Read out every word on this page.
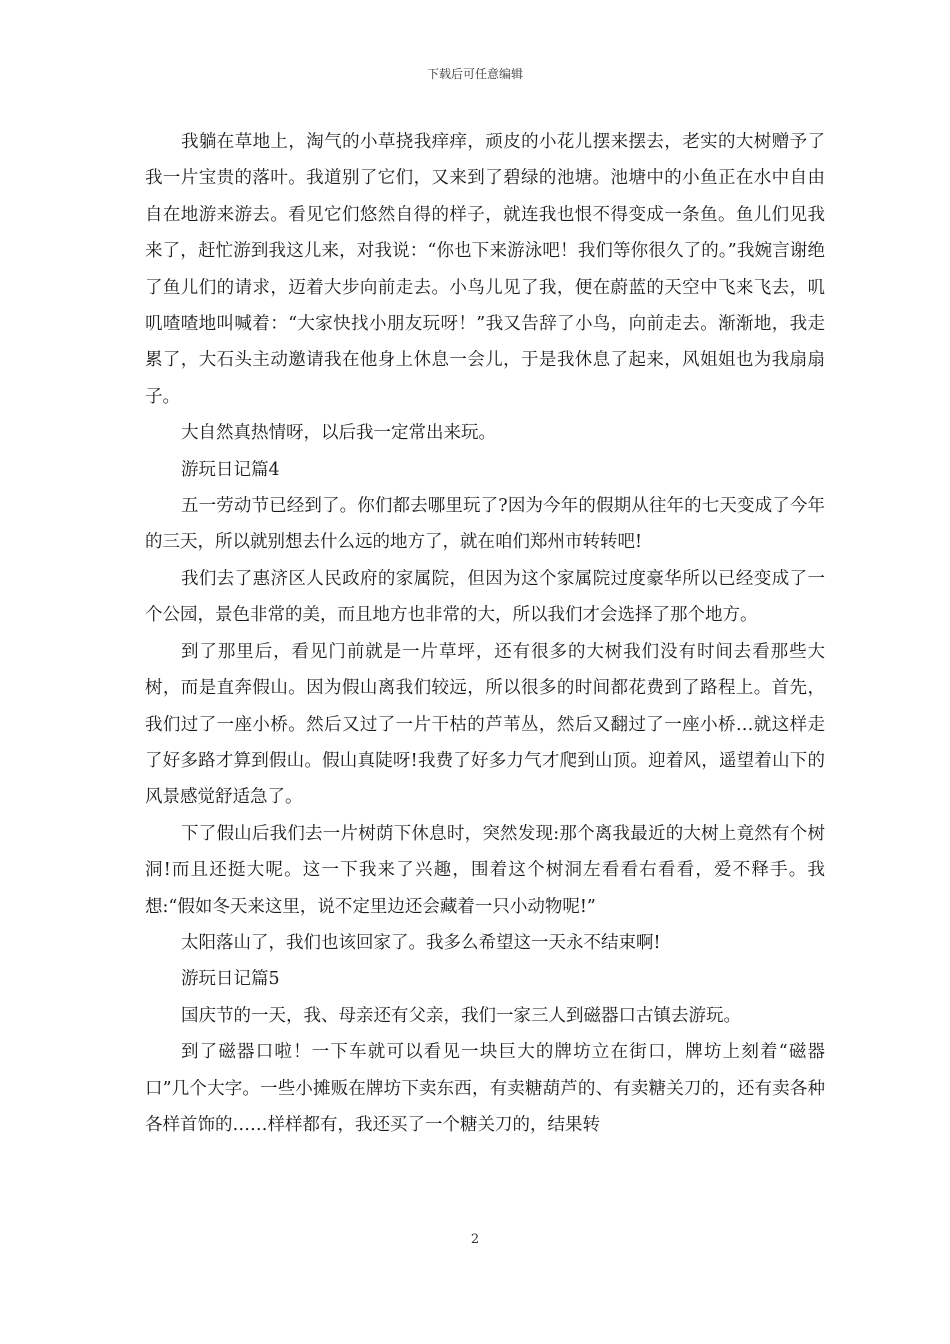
下载后可任意编辑

我躺在草地上，淘气的小草挠我痒痒，顽皮的小花儿摆来摆去，老实的大树赠予了我一片宝贵的落叶。我道别了它们，又来到了碧绿的池塘。池塘中的小鱼正在水中自由自在地游来游去。看见它们悠然自得的样子，就连我也恨不得变成一条鱼。鱼儿们见我来了，赶忙游到我这儿来，对我说：“你也下来游泳吧！我们等你很久了的。”我婉言谢绝了鱼儿们的请求，迈着大步向前走去。小鸟儿见了我，便在蔚蓝的天空中飞来飞去，叽叽喳喳地叫喊着：“大家快找小朋友玩呀！”我又告辞了小鸟，向前走去。渐渐地，我走累了，大石头主动邀请我在他身上休息一会儿，于是我休息了起来，风姐姐也为我扇扇子。

大自然真热情呀，以后我一定常出来玩。

游玩日记篇4

五一劳动节已经到了。你们都去哪里玩了?因为今年的假期从往年的七天变成了今年的三天，所以就别想去什么远的地方了，就在咱们郑州市转转吧!

我们去了惠济区人民政府的家属院，但因为这个家属院过度豪华所以已经变成了一个公园，景色非常的美，而且地方也非常的大，所以我们才会选择了那个地方。

到了那里后，看见门前就是一片草坪，还有很多的大树我们没有时间去看那些大树，而是直奔假山。因为假山离我们较远，所以很多的时间都花费到了路程上。首先，我们过了一座小桥。然后又过了一片干枯的芦苇丛，然后又翻过了一座小桥…就这样走了好多路才算到假山。假山真陡呀!我费了好多力气才爬到山顶。迎着风，遥望着山下的风景感觉舒适急了。

下了假山后我们去一片树荫下休息时，突然发现:那个离我最近的大树上竟然有个树洞!而且还挺大呢。这一下我来了兴趣，围着这个树洞左看看右看看，爱不释手。我想:“假如冬天来这里，说不定里边还会藏着一只小动物呢!”

太阳落山了，我们也该回家了。我多么希望这一天永不结束啊!

游玩日记篇5

国庆节的一天，我、母亲还有父亲，我们一家三人到磁器口古镇去游玩。

到了磁器口啦！一下车就可以看见一块巨大的牌坊立在街口，牌坊上刻着“磁器口”几个大字。一些小摊贩在牌坊下卖东西，有卖糖葫芦的、有卖糖关刀的，还有卖各种各样首饰的……样样都有，我还买了一个糖关刀的，结果转

2
